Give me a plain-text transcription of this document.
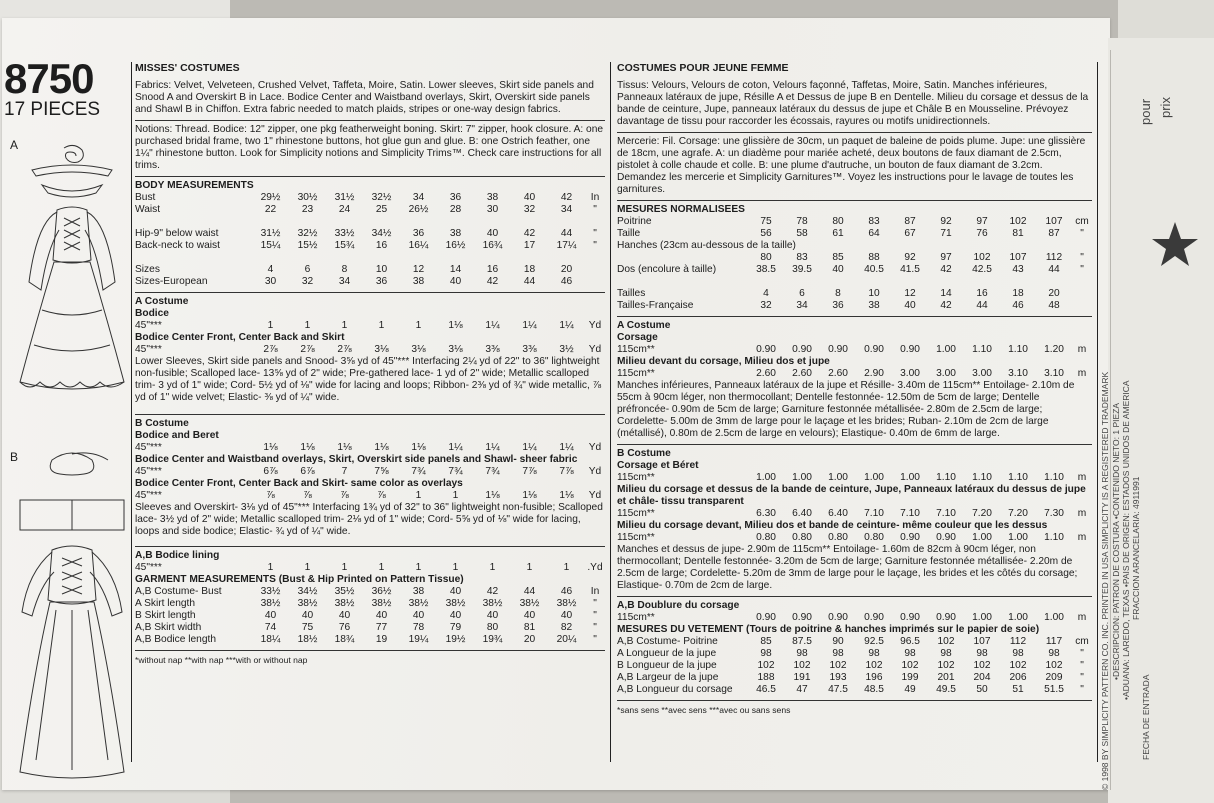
8750
17 PIECES
A
B
MISSES' COSTUMES

Fabrics: Velvet, Velveteen, Crushed Velvet, Taffeta, Moire, Satin. Lower sleeves, Skirt side panels and Snood A and Overskirt B in Lace. Bodice Center and Waistband overlays, Skirt, Overskirt side panels and Shawl B in Chiffon. Extra fabric needed to match plaids, stripes or one-way design fabrics.

Notions: Thread. Bodice: 12" zipper, one pkg featherweight boning. Skirt: 7" zipper, hook closure. A: one purchased bridal frame, two 1" rhinestone buttons, hot glue gun and glue. B: one Ostrich feather, one 1¼" rhinestone button. Look for Simplicity notions and Simplicity Trims™. Check care instructions for all trims.

BODY MEASUREMENTS
Bust	29½	30½	31½	32½	34	36	38	40	42	In
Waist	22	23	24	25	26½	28	30	32	34	"
Hip-9" below waist	31½	32½	33½	34½	36	38	40	42	44	"
Back-neck to waist	15¼	15½	15¾	16	16¼	16½	16¾	17	17¼	"
Sizes	4	6	8	10	12	14	16	18	20
Sizes-European	30	32	34	36	38	40	42	44	46
A Costume
Bodice
45"***	1	1	1	1	1	1⅛	1¼	1¼	1¼	Yd
Bodice Center Front, Center Back and Skirt
45"***	2⅞	2⅞	2⅞	3⅛	3⅛	3⅛	3⅜	3⅜	3½	Yd

Lower Sleeves, Skirt side panels and Snood- 3⅝ yd of 45"*** Interfacing 2¼ yd of 22" to 36" lightweight non-fusible; Scalloped lace- 13⅝ yd of 2" wide; Pre-gathered lace- 1 yd of 2" wide; Metallic scalloped trim- 3 yd of 1" wide; Cord- 5½ yd of ⅛" wide for lacing and loops; Ribbon- 2⅜ yd of ¾" wide metallic, ⅞ yd of 1" wide velvet; Elastic- ⅜ yd of ¼" wide.

B Costume
Bodice and Beret
45"***	1⅛	1⅛	1⅛	1⅛	1⅛	1¼	1¼	1¼	1¼	Yd
Bodice Center and Waistband overlays, Skirt, Overskirt side panels and Shawl- sheer fabric
45"***	6⅞	6⅞	7	7⅝	7¾	7¾	7¾	7⅞	7⅞	Yd
Bodice Center Front, Center Back and Skirt- same color as overlays
45"***	⅞	⅞	⅞	⅞	1	1	1⅛	1⅛	1⅛	Yd

Sleeves and Overskirt- 3⅛ yd of 45"*** Interfacing 1¾ yd of 32" to 36" lightweight non-fusible; Scalloped lace- 3½ yd of 2" wide; Metallic scalloped trim- 2⅛ yd of 1" wide; Cord- 5⅝ yd of ⅛" wide for lacing, loops and side bodice; Elastic- ¾ yd of ¼" wide.

A,B Bodice lining
45"***	1	1	1	1	1	1	1	1	1	.Yd
GARMENT MEASUREMENTS (Bust & Hip Printed on Pattern Tissue)
A,B Costume- Bust	33½	34½	35½	36½	38	40	42	44	46	In
A Skirt length	38½	38½	38½	38½	38½	38½	38½	38½	38½	"
B Skirt length	40	40	40	40	40	40	40	40	40	"
A,B Skirt width	74	75	76	77	78	79	80	81	82	"
A,B Bodice length	18¼	18½	18¾	19	19¼	19½	19¾	20	20¼	"
*without nap **with nap ***with or without nap
COSTUMES POUR JEUNE FEMME

Tissus: Velours, Velours de coton, Velours façonné, Taffetas, Moire, Satin. Manches inférieures, Panneaux latéraux de jupe, Résille A et Dessus de jupe B en Dentelle. Milieu du corsage et dessus de la bande de ceinture, Jupe, panneaux latéraux du dessus de jupe et Châle B en Mousseline. Prévoyez davantage de tissu pour raccorder les écossais, rayures ou motifs unidirectionnels.

Mercerie: Fil. Corsage: une glissière de 30cm, un paquet de baleine de poids plume. Jupe: une glissière de 18cm, une agrafe. A: un diadème pour mariée acheté, deux boutons de faux diamant de 2.5cm, pistolet à colle chaude et colle. B: une plume d'autruche, un bouton de faux diamant de 3.2cm. Demandez les mercerie et Simplicity Garnitures™. Voyez les instructions pour le lavage de toutes les garnitures.

MESURES NORMALISEES
Poitrine	75	78	80	83	87	92	97	102	107	cm
Taille	56	58	61	64	67	71	76	81	87	"
Hanches (23cm au-dessous de la taille)
80	83	85	88	92	97	102	107	112	"
Dos (encolure à taille)	38.5	39.5	40	40.5	41.5	42	42.5	43	44	"
Tailles	4	6	8	10	12	14	16	18	20
Tailles-Française	32	34	36	38	40	42	44	46	48
A Costume
Corsage
115cm**	0.90	0.90	0.90	0.90	0.90	1.00	1.10	1.10	1.20	m
Milieu devant du corsage, Milieu dos et jupe
115cm**	2.60	2.60	2.60	2.90	3.00	3.00	3.00	3.10	3.10	m

Manches inférieures, Panneaux latéraux de la jupe et Résille- 3.40m de 115cm** Entoilage- 2.10m de 55cm à 90cm léger, non thermocollant; Dentelle festonnée- 12.50m de 5cm de large; Dentelle préfroncée- 0.90m de 5cm de large; Garniture festonnée métallisée- 2.80m de 2.5cm de large; Cordelette- 5.00m de 3mm de large pour le laçage et les brides; Ruban- 2.10m de 2cm de large (métallisé), 0.80m de 2.5cm de large en velours); Elastique- 0.40m de 6mm de large.

B Costume
Corsage et Béret
115cm**	1.00	1.00	1.00	1.00	1.00	1.10	1.10	1.10	1.10	m
Milieu du corsage et dessus de la bande de ceinture, Jupe, Panneaux latéraux du dessus de jupe et châle- tissu transparent
115cm**	6.30	6.40	6.40	7.10	7.10	7.10	7.20	7.20	7.30	m
Milieu du corsage devant, Milieu dos et bande de ceinture- même couleur que les dessus
115cm**	0.80	0.80	0.80	0.80	0.90	0.90	1.00	1.00	1.10	m

Manches et dessus de jupe- 2.90m de 115cm** Entoilage- 1.60m de 82cm à 90cm léger, non thermocollant; Dentelle festonnée- 3.20m de 5cm de large; Garniture festonnée métallisée- 2.20m de 2.5cm de large; Cordelette- 5.20m de 3mm de large pour le laçage, les brides et les côtés du corsage; Elastique- 0.70m de 2cm de large.

A,B Doublure du corsage
115cm**	0.90	0.90	0.90	0.90	0.90	0.90	1.00	1.00	1.00	m
MESURES DU VETEMENT (Tours de poitrine & hanches imprimés sur le papier de soie)
A,B Costume- Poitrine	85	87.5	90	92.5	96.5	102	107	112	117	cm
A Longueur de la jupe	98	98	98	98	98	98	98	98	98	"
B Longueur de la jupe	102	102	102	102	102	102	102	102	102	"
A,B Largeur de la jupe	188	191	193	196	199	201	204	206	209	"
A,B Longueur du corsage	46.5	47	47.5	48.5	49	49.5	50	51	51.5	"
*sans sens **avec sens ***avec ou sans sens
pour prix
© 1998 BY SIMPLICITY PATTERN CO. INC. PRINTED IN USA SIMPLICITY IS A REGISTERED TRADEMARK •DESCRIPCION: PATRON DE COSTURA •CONTENIDO NETO: 1 PIEZA •ADUANA: LAREDO, TEXAS •PAIS DE ORIGEN: ESTADOS UNIDOS DE AMERICA FRACCION ARANCELARIA: 4911991
FECHA DE ENTRADA
